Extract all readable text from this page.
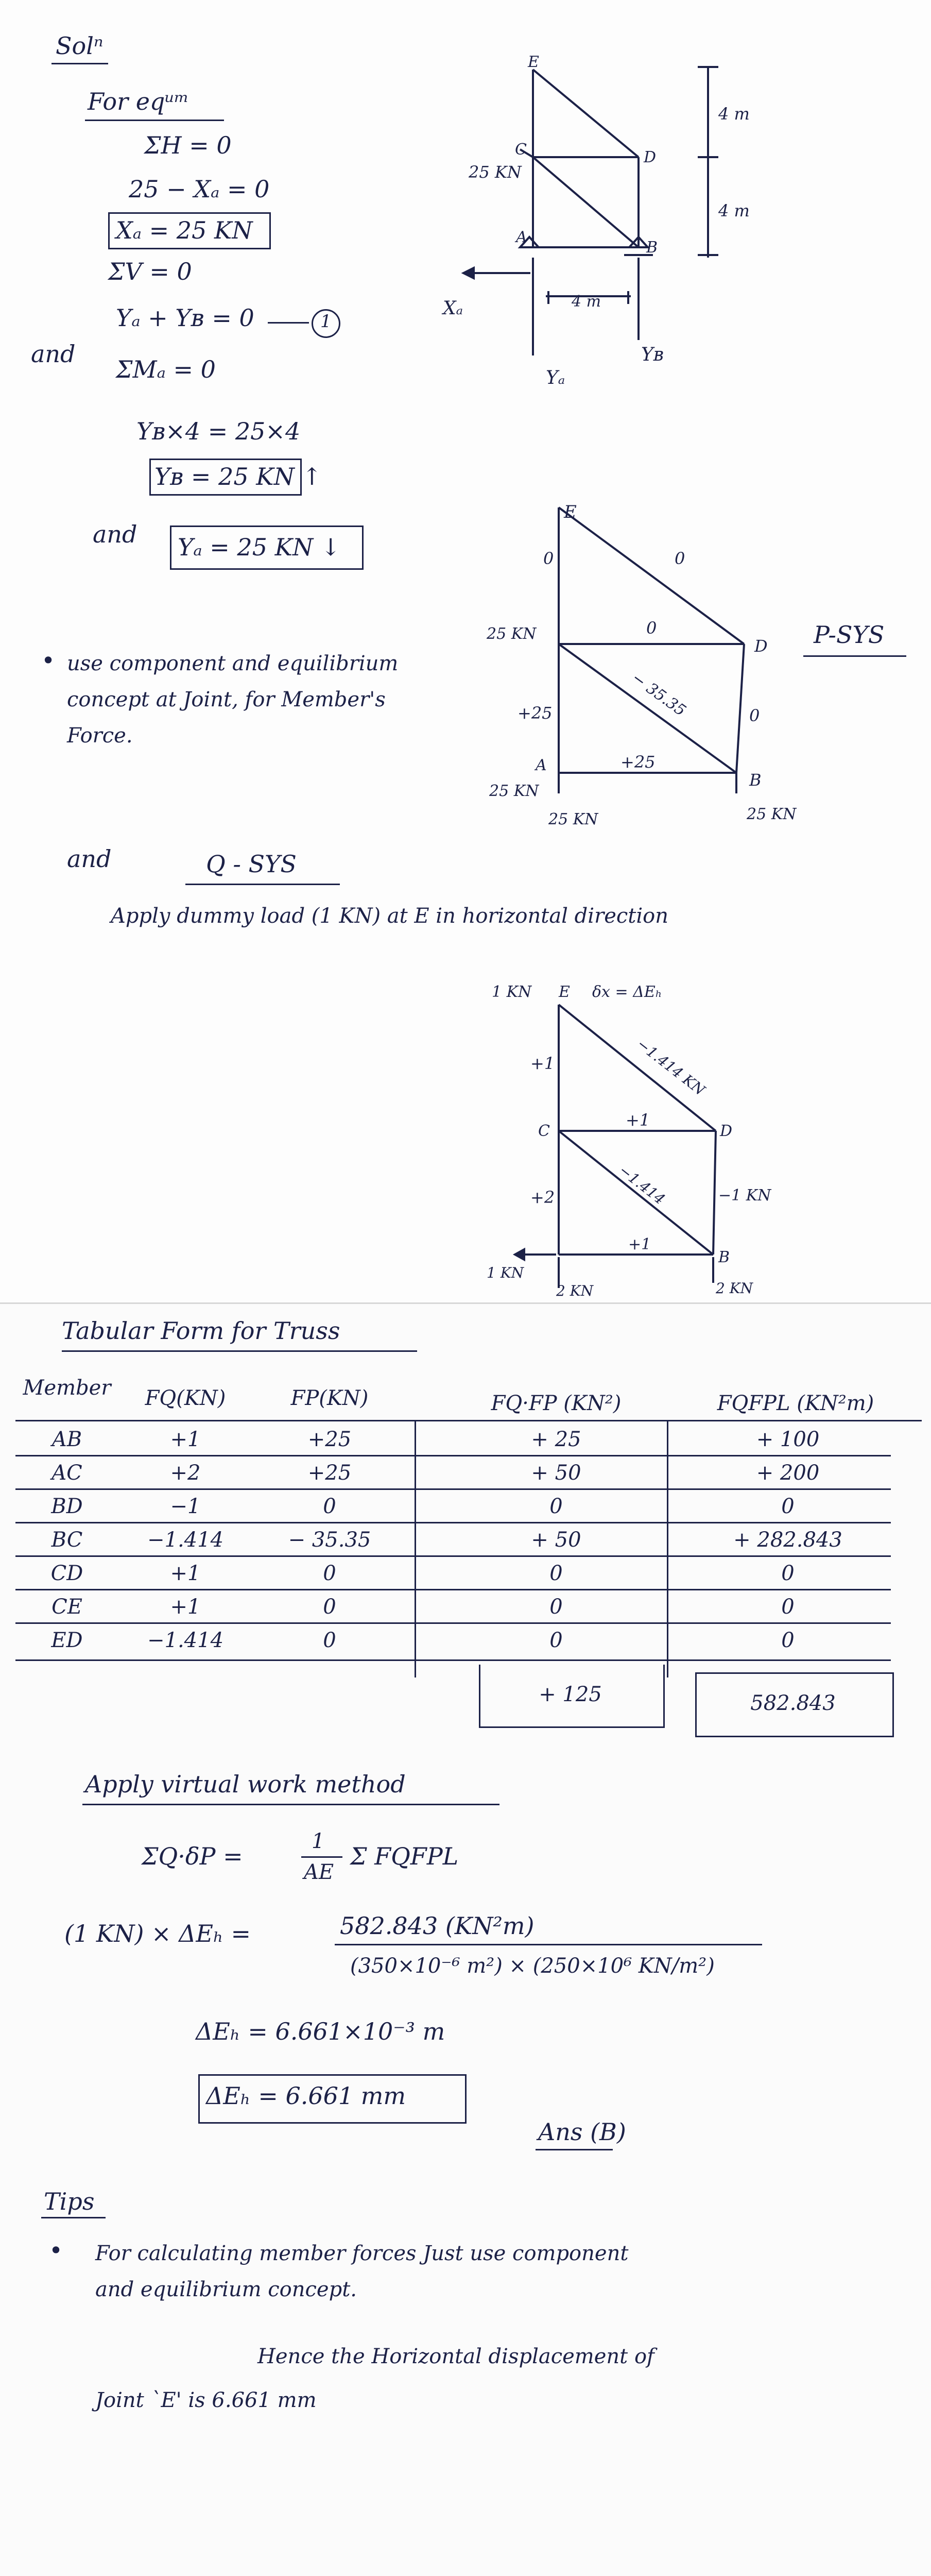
Solⁿ
For eqᵘᵐ
ΣH = 0
25 − Xₐ = 0
Xₐ = 25 KN
ΣV = 0
Yₐ + Yʙ = 0	1
and
ΣMₐ = 0
Yʙ×4 = 25×4
Yʙ = 25 KN ↑
and Yₐ = 25 KN ↓
• use component and equilibrium
concept at Joint, for Member's
Force.
P-SYS
and	Q - SYS
Apply dummy load (1 KN) at E in horizontal direction
E
C	D
A
B
25 KN
4 m
4 m
4 m
Xₐ
Yₐ
Yʙ
E
D
B
A
25 KN
0	0
0
0
− 35.35
+25
+25
25 KN
25 KN	25 KN
1 KN E δx = ΔEₕ
−1.414 KN
+1
C	D
+1
−1.414
+2	−1 KN
+1
B
1 KN
2 KN	2 KN
Tabular Form for Truss
Member	FQ(KN)	FP(KN)	FQ·FP (KN²)	FQFPL (KN²m)
AB	+1	+25	+ 25	+ 100
AC	+2	+25	+ 50	+ 200
BD	−1	0	0	0
BC	−1.414	− 35.35	+ 50	+ 282.843
CD	+1	0	0	0
CE	+1	0	0	0
ED	−1.414	0	0	0
+ 125	582.843
Apply virtual work method
ΣQ·δP =
1
AE
Σ FQFPL
(1 KN) × ΔEₕ =	582.843 (KN²m)
(350×10⁻⁶ m²) × (250×10⁶ KN/m²)
ΔEₕ = 6.661×10⁻³ m
ΔEₕ = 6.661 mm
Ans (B)
Tips
• For calculating member forces Just use component
and equilibrium concept.
Hence the Horizontal displacement of
Joint `E' is 6.661 mm
